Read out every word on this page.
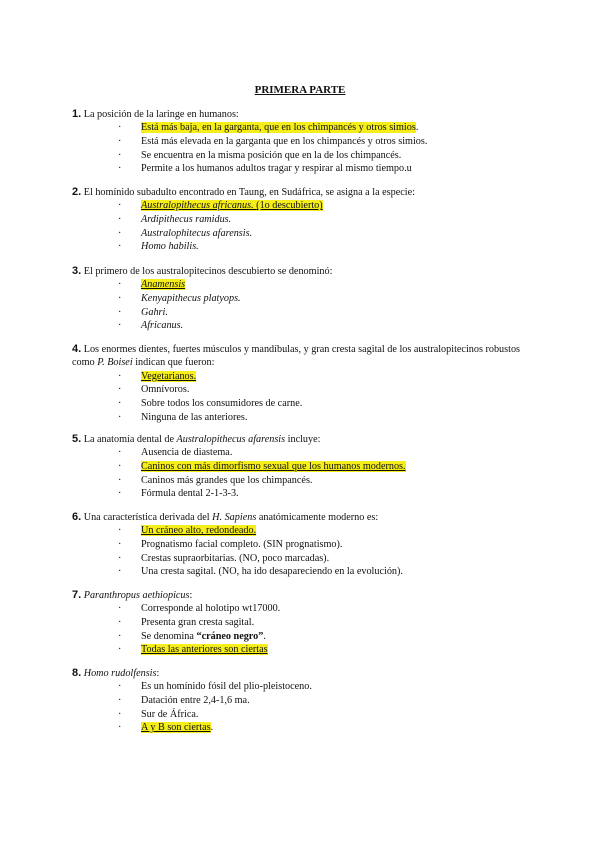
PRIMERA PARTE
1. La posición de la laringe en humanos:
· Está más baja, en la garganta, que en los chimpancés y otros simios.
· Está más elevada en la garganta que en los chimpancés y otros simios.
· Se encuentra en la misma posición que en la de los chimpancés.
· Permite a los humanos adultos tragar y respirar al mismo tiempo.u
2. El homínido subadulto encontrado en Taung, en Sudáfrica, se asigna a la especie:
· Australopithecus africanus. (1o descubierto)
· Ardipithecus ramidus.
· Australophitecus afarensis.
· Homo habilis.
3. El primero de los australopitecinos descubierto se denominó:
· Anamensis
· Kenyapithecus platyops.
· Gahri.
· Africanus.
4. Los enormes dientes, fuertes músculos y mandíbulas, y gran cresta sagital de los australopitecinos robustos
como P. Boisei indican que fueron:
· Vegetarianos.
· Omnívoros.
· Sobre todos los consumidores de carne.
· Ninguna de las anteriores.
5. La anatomía dental de Australopithecus afarensis incluye:
· Ausencia de diastema.
· Caninos con más dimorfismo sexual que los humanos modernos.
· Caninos más grandes que los chimpancés.
· Fórmula dental 2-1-3-3.
6. Una característica derivada del H. Sapiens anatómicamente moderno es:
· Un cráneo alto, redondeado.
· Prognatismo facial completo. (SIN prognatismo).
· Crestas supraorbitarias. (NO, poco marcadas).
· Una cresta sagital. (NO, ha ido desapareciendo en la evolución).
7. Paranthropus aethiopicus:
· Corresponde al holotipo wt17000.
· Presenta gran cresta sagital.
· Se denomina “cráneo negro”.
· Todas las anteriores son ciertas
8. Homo rudolfensis:
· Es un homínido fósil del plio-pleistoceno.
· Datación entre 2,4-1,6 ma.
· Sur de África.
· A y B son ciertas.
